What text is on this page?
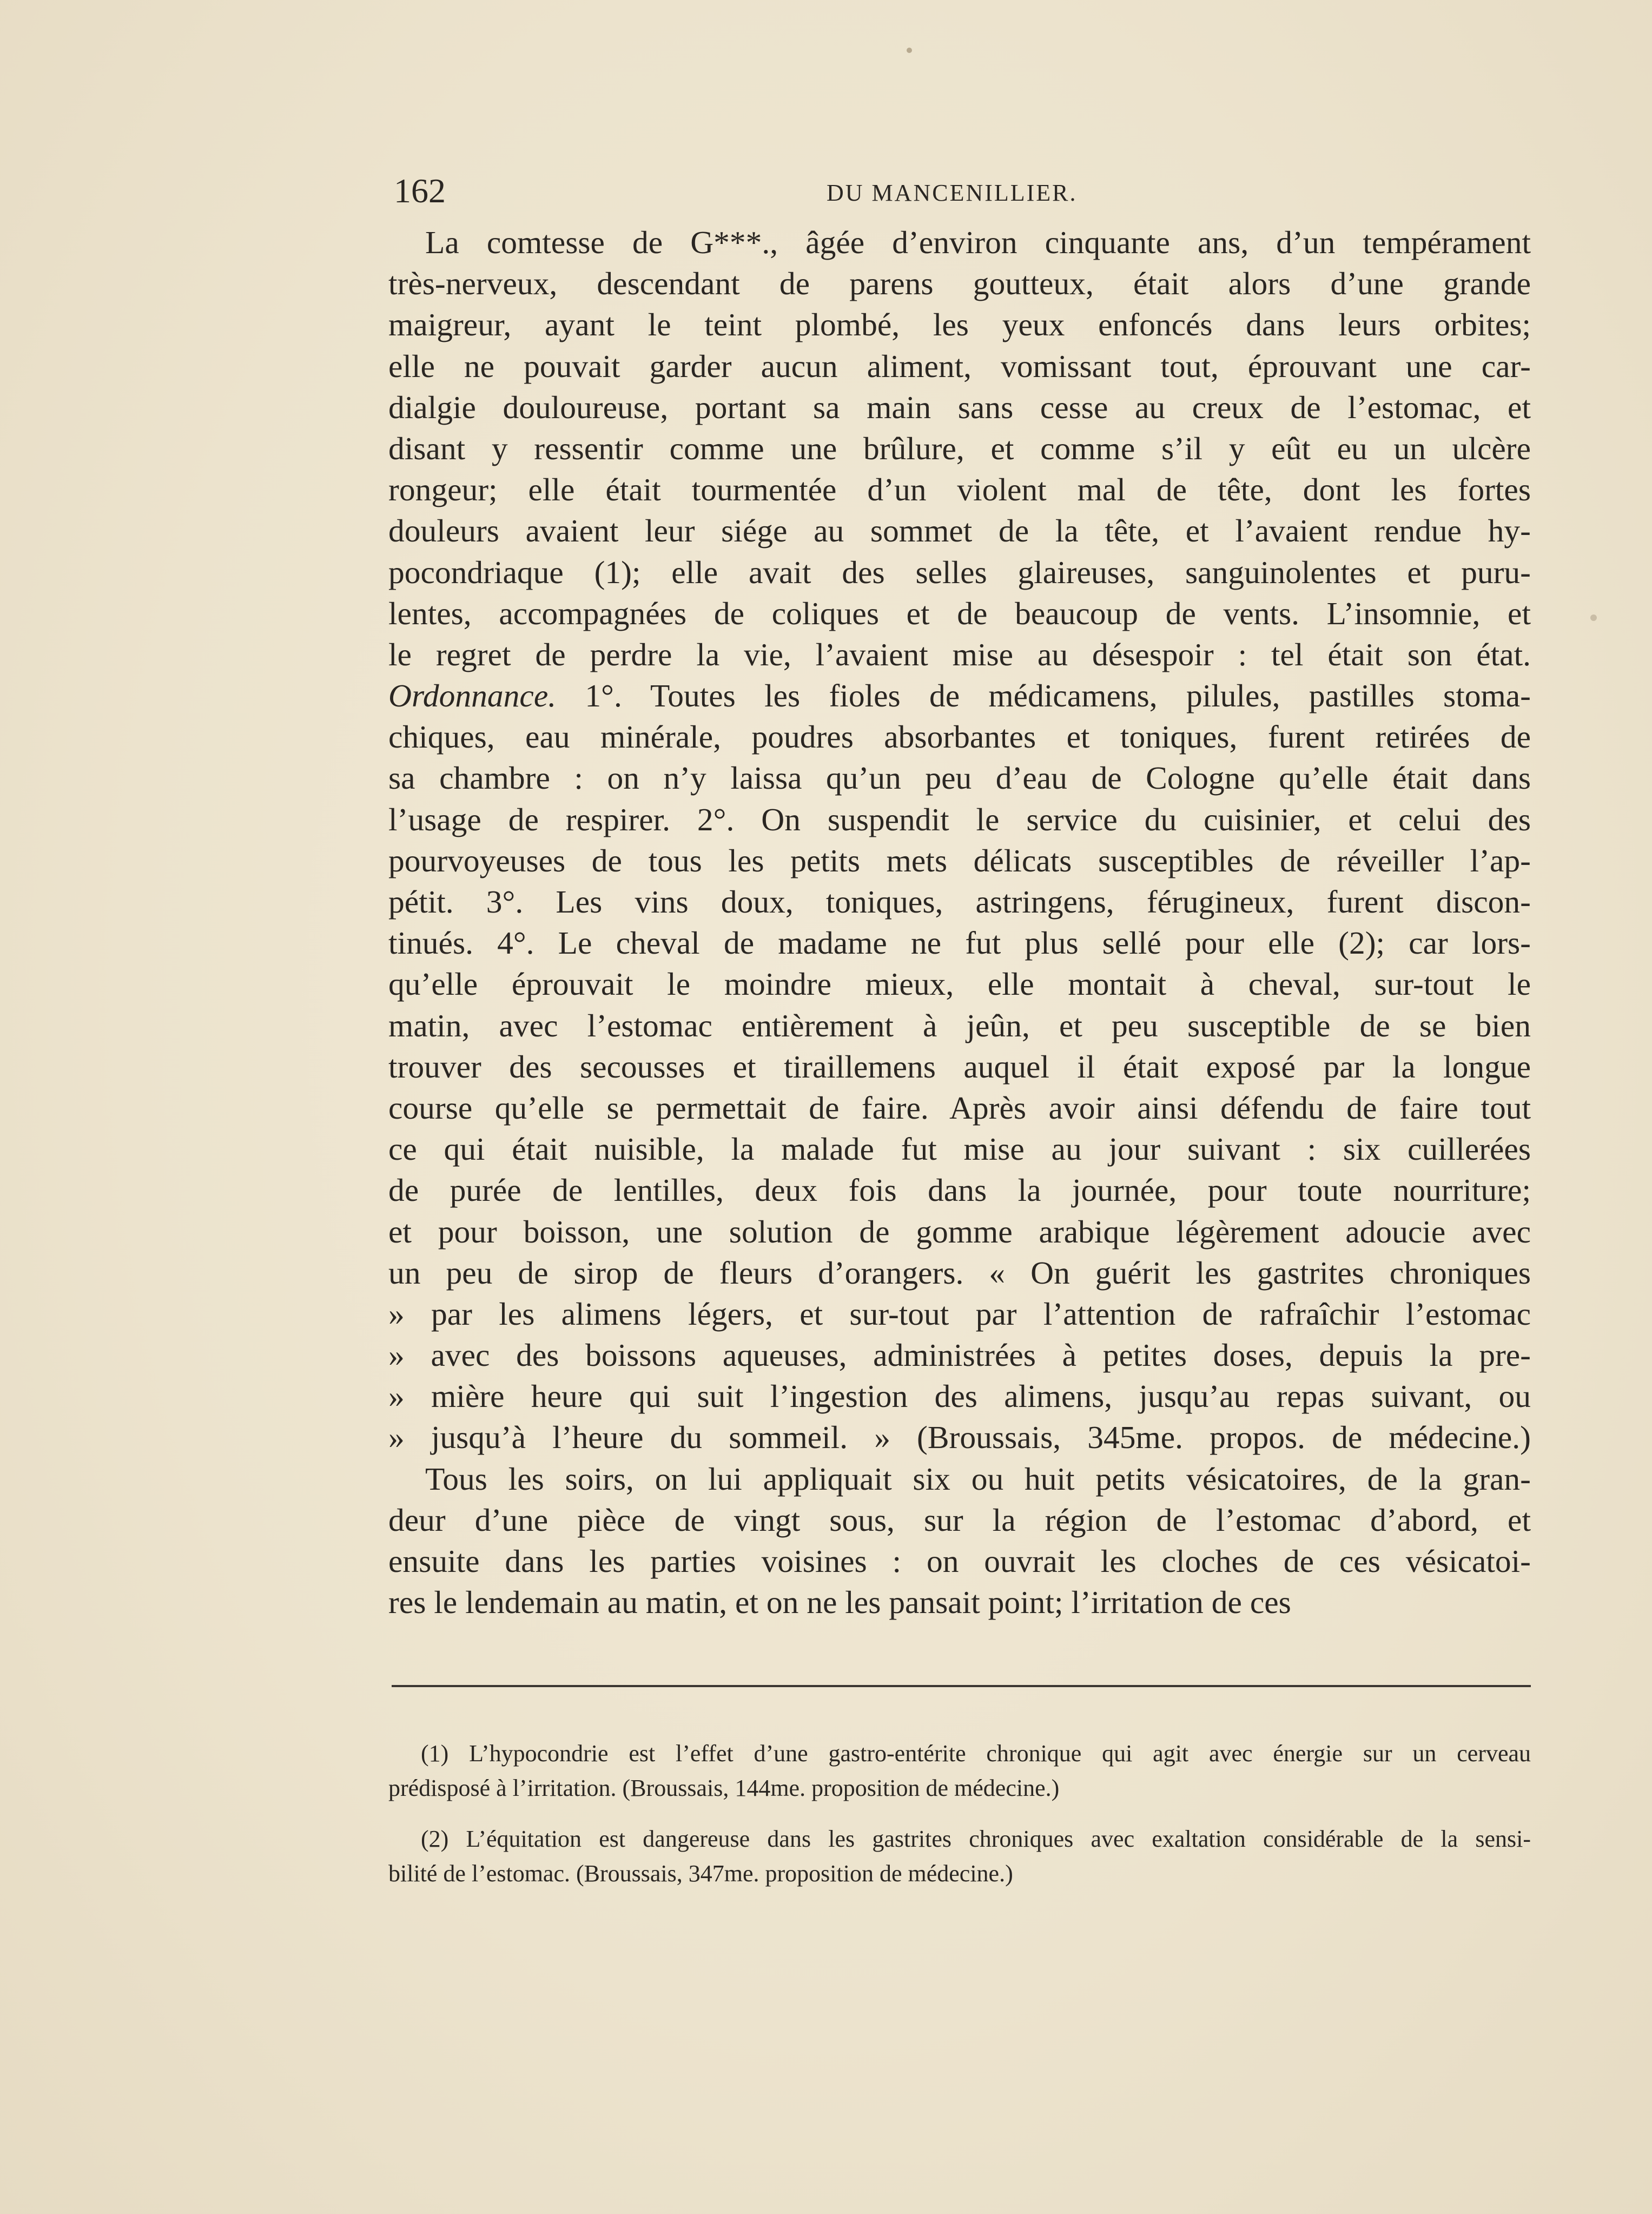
162	DU MANCENILLIER.
La comtesse de G***., âgée d’environ cinquante ans, d’un tempérament
très-nerveux, descendant de parens goutteux, était alors d’une grande
maigreur, ayant le teint plombé, les yeux enfoncés dans leurs orbites;
elle ne pouvait garder aucun aliment, vomissant tout, éprouvant une car-
dialgie douloureuse, portant sa main sans cesse au creux de l’estomac, et
disant y ressentir comme une brûlure, et comme s’il y eût eu un ulcère
rongeur; elle était tourmentée d’un violent mal de tête, dont les fortes
douleurs avaient leur siége au sommet de la tête, et l’avaient rendue hy-
pocondriaque (1); elle avait des selles glaireuses, sanguinolentes et puru-
lentes, accompagnées de coliques et de beaucoup de vents. L’insomnie, et
le regret de perdre la vie, l’avaient mise au désespoir : tel était son état.
Ordonnance. 1°. Toutes les fioles de médicamens, pilules, pastilles stoma-
chiques, eau minérale, poudres absorbantes et toniques, furent retirées de
sa chambre : on n’y laissa qu’un peu d’eau de Cologne qu’elle était dans
l’usage de respirer. 2°. On suspendit le service du cuisinier, et celui des
pourvoyeuses de tous les petits mets délicats susceptibles de réveiller l’ap-
pétit. 3°. Les vins doux, toniques, astringens, férugineux, furent discon-
tinués. 4°. Le cheval de madame ne fut plus sellé pour elle (2); car lors-
qu’elle éprouvait le moindre mieux, elle montait à cheval, sur-tout le
matin, avec l’estomac entièrement à jeûn, et peu susceptible de se bien
trouver des secousses et tiraillemens auquel il était exposé par la longue
course qu’elle se permettait de faire. Après avoir ainsi défendu de faire tout
ce qui était nuisible, la malade fut mise au jour suivant : six cuillerées
de purée de lentilles, deux fois dans la journée, pour toute nourriture;
et pour boisson, une solution de gomme arabique légèrement adoucie avec
un peu de sirop de fleurs d’orangers. « On guérit les gastrites chroniques
» par les alimens légers, et sur-tout par l’attention de rafraîchir l’estomac
» avec des boissons aqueuses, administrées à petites doses, depuis la pre-
» mière heure qui suit l’ingestion des alimens, jusqu’au repas suivant, ou
» jusqu’à l’heure du sommeil. » (Broussais, 345me. propos. de médecine.)
Tous les soirs, on lui appliquait six ou huit petits vésicatoires, de la gran-
deur d’une pièce de vingt sous, sur la région de l’estomac d’abord, et
ensuite dans les parties voisines : on ouvrait les cloches de ces vésicatoi-
res le lendemain au matin, et on ne les pansait point; l’irritation de ces
(1) L’hypocondrie est l’effet d’une gastro-entérite chronique qui agit avec énergie sur un cerveau
prédisposé à l’irritation. (Broussais, 144me. proposition de médecine.)
(2) L’équitation est dangereuse dans les gastrites chroniques avec exaltation considérable de la sensi-
bilité de l’estomac. (Broussais, 347me. proposition de médecine.)
